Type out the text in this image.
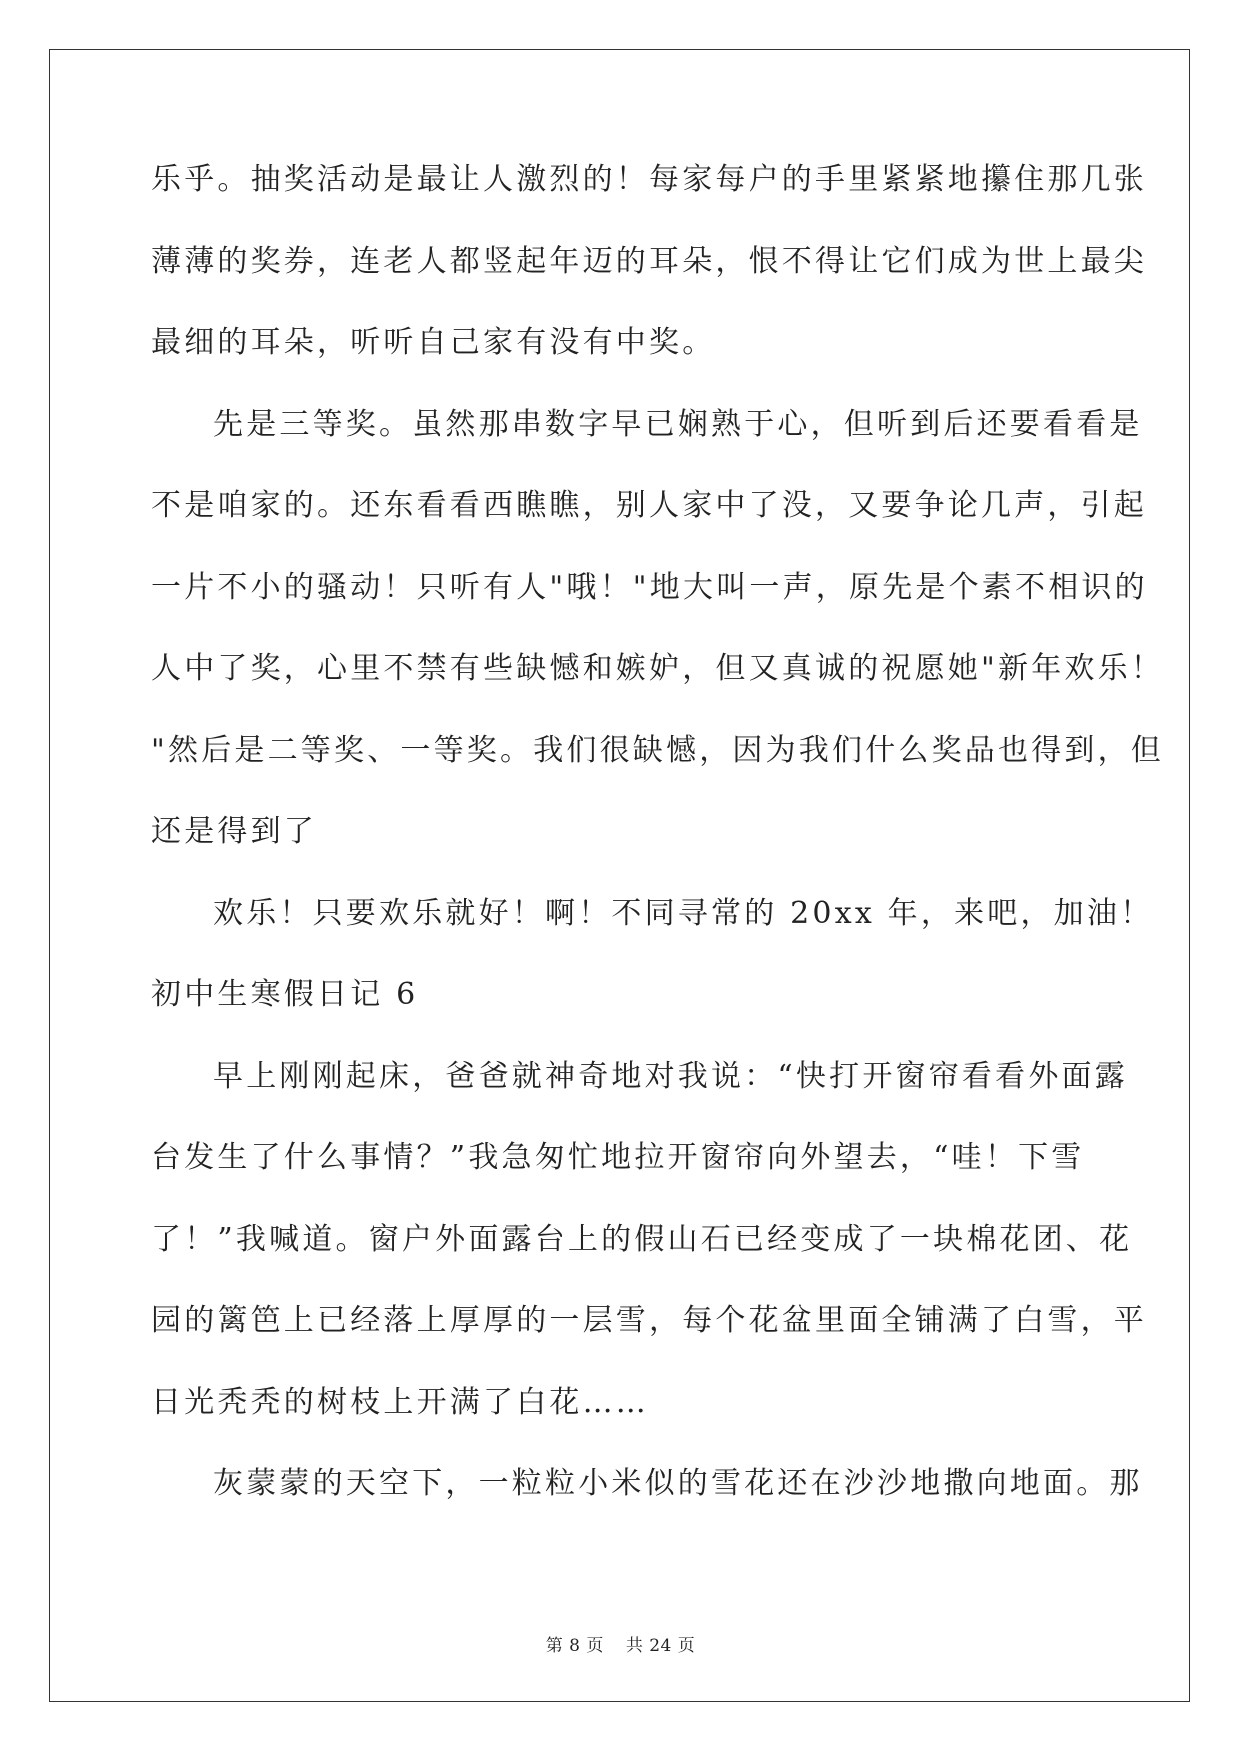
乐乎。抽奖活动是最让人激烈的！每家每户的手里紧紧地攥住那几张
薄薄的奖券，连老人都竖起年迈的耳朵，恨不得让它们成为世上最尖
最细的耳朵，听听自己家有没有中奖。
先是三等奖。虽然那串数字早已娴熟于心，但听到后还要看看是
不是咱家的。还东看看西瞧瞧，别人家中了没，又要争论几声，引起
一片不小的骚动！只听有人"哦！"地大叫一声，原先是个素不相识的
人中了奖，心里不禁有些缺憾和嫉妒，但又真诚的祝愿她"新年欢乐！
"然后是二等奖、一等奖。我们很缺憾，因为我们什么奖品也得到，但
还是得到了
欢乐！只要欢乐就好！啊！不同寻常的 20xx 年，来吧，加油！
初中生寒假日记 6
早上刚刚起床，爸爸就神奇地对我说：“快打开窗帘看看外面露
台发生了什么事情？”我急匆忙地拉开窗帘向外望去，“哇！下雪
了！”我喊道。窗户外面露台上的假山石已经变成了一块棉花团、花
园的篱笆上已经落上厚厚的一层雪，每个花盆里面全铺满了白雪，平
日光秃秃的树枝上开满了白花……
灰蒙蒙的天空下，一粒粒小米似的雪花还在沙沙地撒向地面。那
第 8 页 共 24 页
